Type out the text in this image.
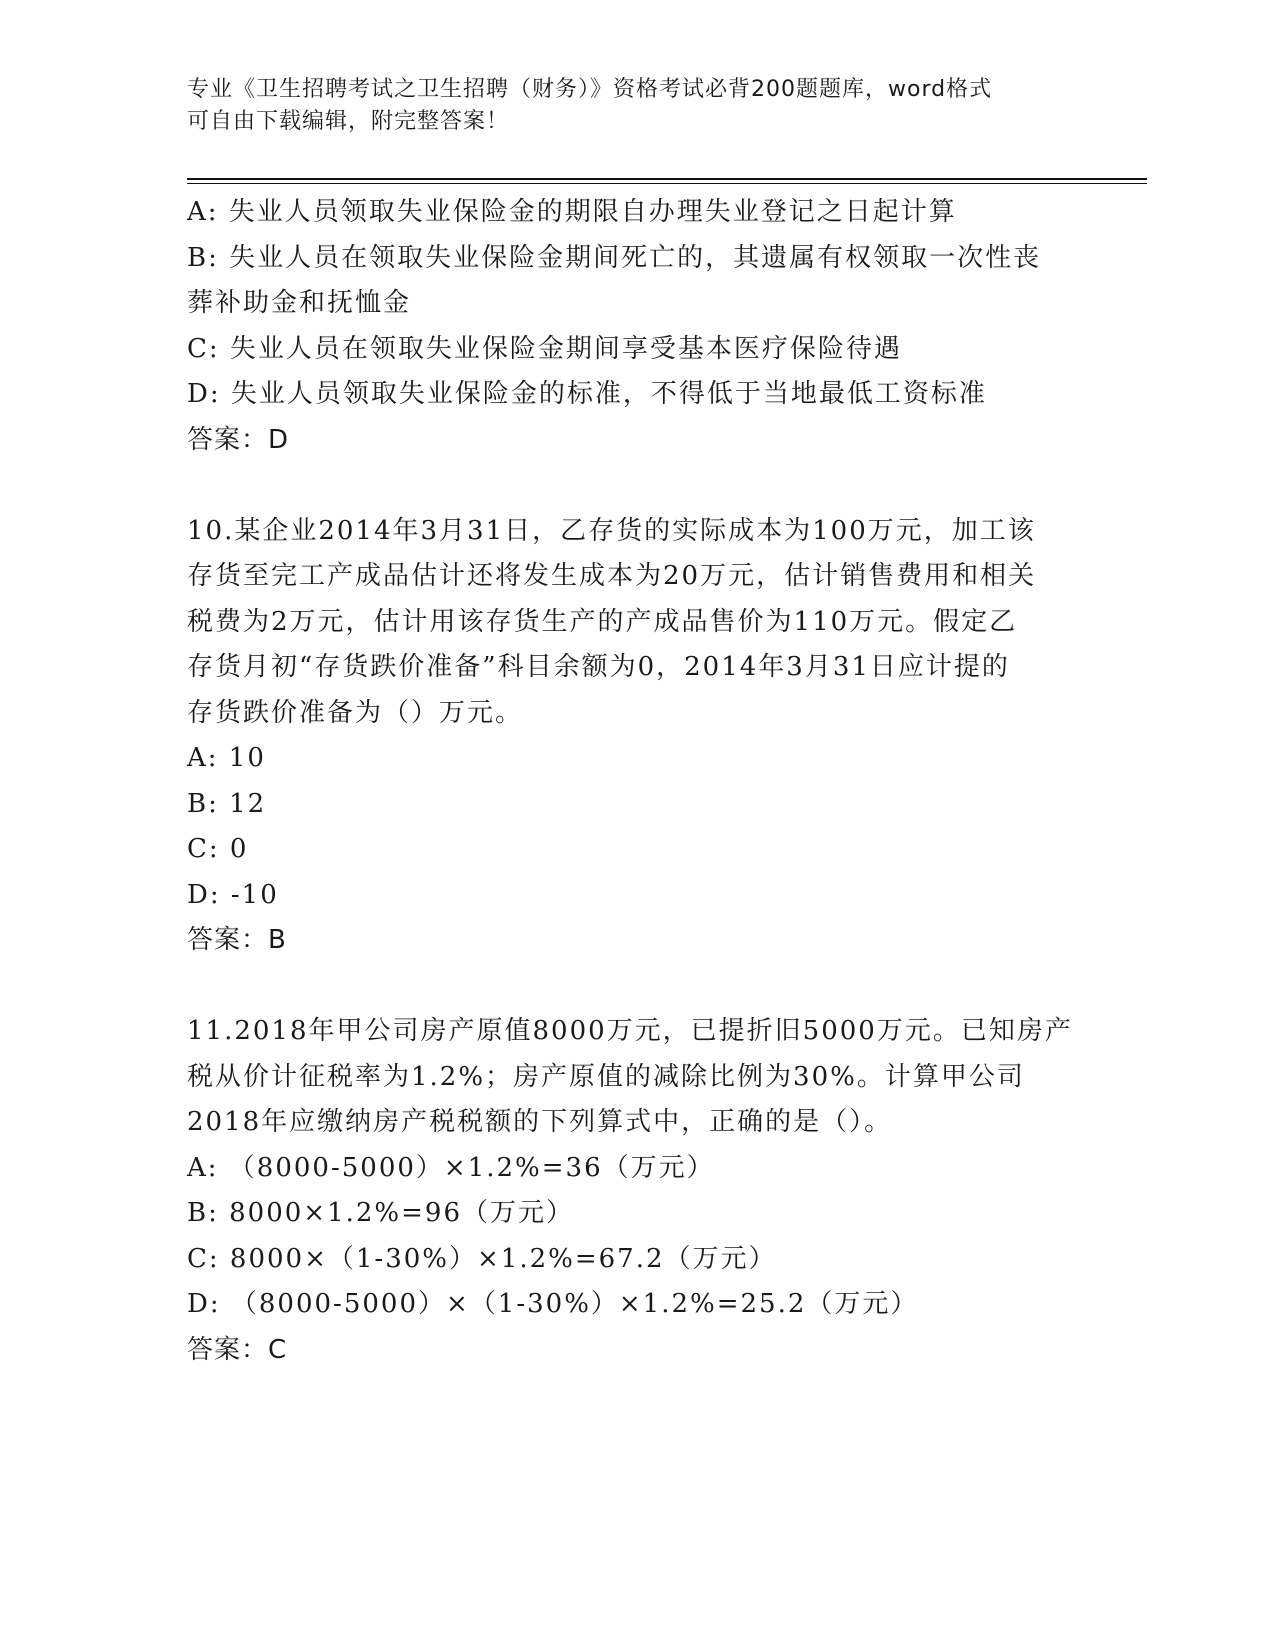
专业《卫生招聘考试之卫生招聘（财务）》资格考试必背200题题库，word格式
可自由下载编辑，附完整答案！
A: 失业人员领取失业保险金的期限自办理失业登记之日起计算
B: 失业人员在领取失业保险金期间死亡的，其遗属有权领取一次性丧
葬补助金和抚恤金
C: 失业人员在领取失业保险金期间享受基本医疗保险待遇
D: 失业人员领取失业保险金的标准，不得低于当地最低工资标准
答案：D
10.某企业2014年3月31日，乙存货的实际成本为100万元，加工该
存货至完工产成品估计还将发生成本为20万元，估计销售费用和相关
税费为2万元，估计用该存货生产的产成品售价为110万元。假定乙
存货月初“存货跌价准备”科目余额为0，2014年3月31日应计提的
存货跌价准备为（）万元。
A: 10
B: 12
C: 0
D: -10
答案：B
11.2018年甲公司房产原值8000万元，已提折旧5000万元。已知房产
税从价计征税率为1.2%；房产原值的减除比例为30%。计算甲公司
2018年应缴纳房产税税额的下列算式中，正确的是（）。
A: （8000-5000）×1.2%=36（万元）
B: 8000×1.2%=96（万元）
C: 8000×（1-30%）×1.2%=67.2（万元）
D: （8000-5000）×（1-30%）×1.2%=25.2（万元）
答案：C
